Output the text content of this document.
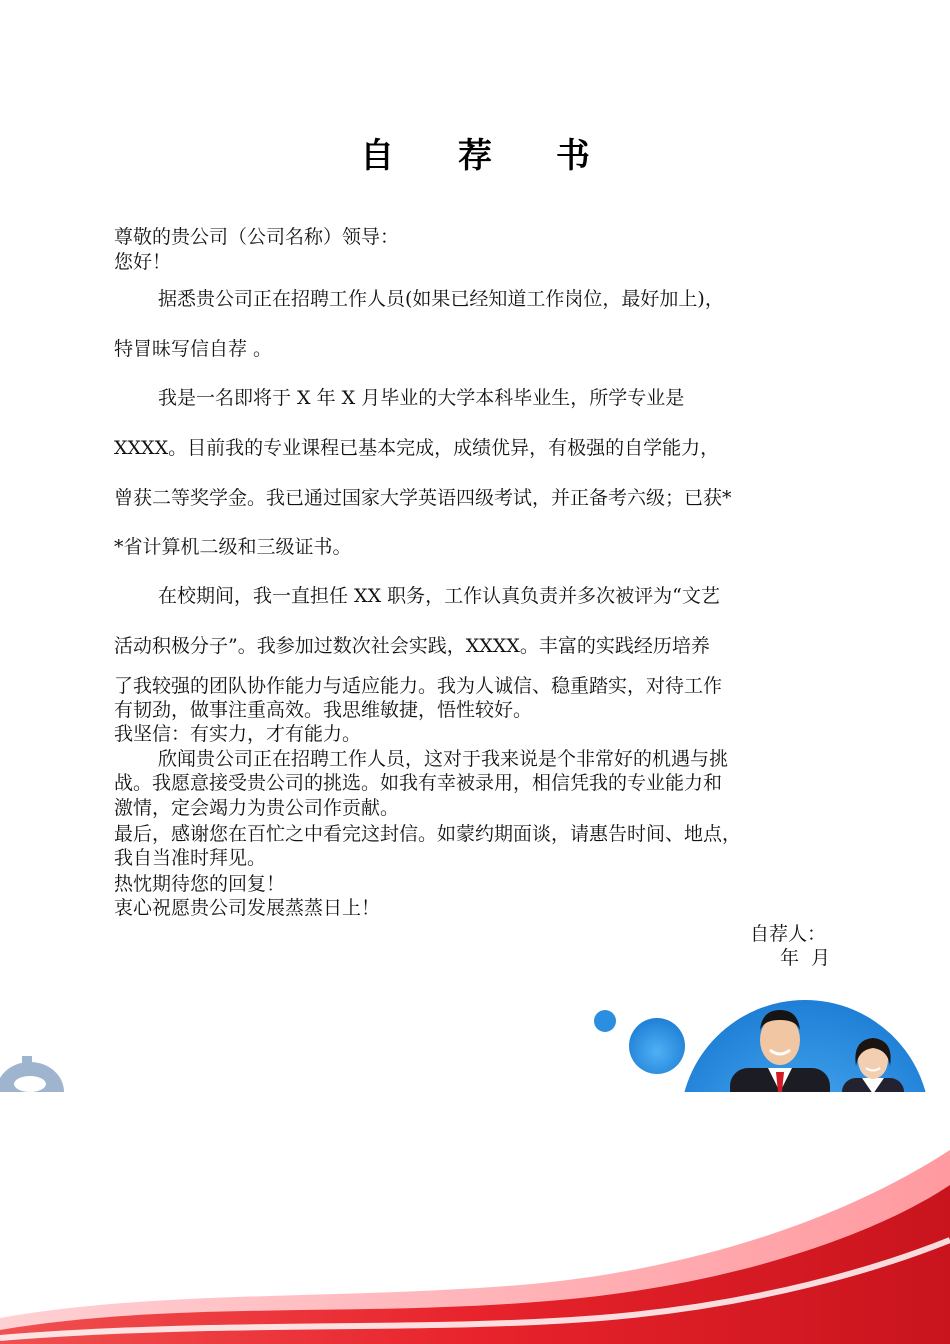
自 荐 书

尊敬的贵公司（公司名称）领导：

您好！

据悉贵公司正在招聘工作人员(如果已经知道工作岗位，最好加上)，

特冒昧写信自荐 。

我是一名即将于 X 年 X 月毕业的大学本科毕业生，所学专业是

XXXX。目前我的专业课程已基本完成，成绩优异，有极强的自学能力，

曾获二等奖学金。我已通过国家大学英语四级考试，并正备考六级；已获*

*省计算机二级和三级证书。

在校期间，我一直担任 XX 职务，工作认真负责并多次被评为“文艺

活动积极分子”。我参加过数次社会实践，XXXX。丰富的实践经历培养

了我较强的团队协作能力与适应能力。我为人诚信、稳重踏实，对待工作

有韧劲，做事注重高效。我思维敏捷，悟性较好。

我坚信：有实力，才有能力。

欣闻贵公司正在招聘工作人员，这对于我来说是个非常好的机遇与挑

战。我愿意接受贵公司的挑选。如我有幸被录用，相信凭我的专业能力和

激情，定会竭力为贵公司作贡献。

最后，感谢您在百忙之中看完这封信。如蒙约期面谈，请惠告时间、地点，

我自当准时拜见。

热忱期待您的回复！

衷心祝愿贵公司发展蒸蒸日上！

自荐人：
年  月
